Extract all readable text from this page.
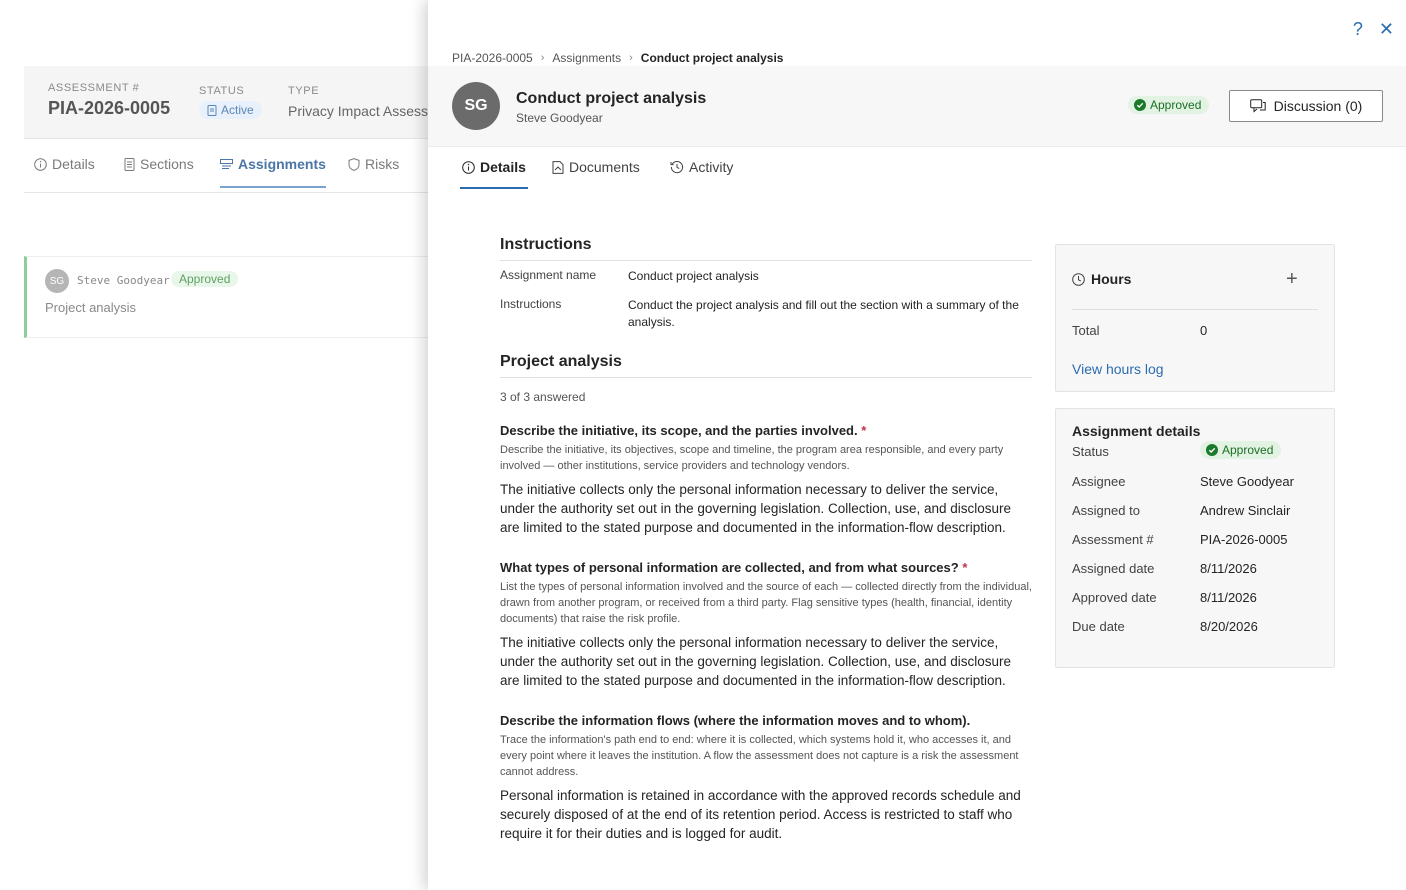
ASSESSMENT #
PIA-2026-0005
STATUS
Active
TYPE
Privacy Impact Assess
Details	Sections	Assignments	Risks
SG	Steve Goodyear Approved
Project analysis
? ✕
PIA-2026-0005 › Assignments › Conduct project analysis
SG	Conduct project analysis
Steve Goodyear
Approved	Discussion (0)
Details	Documents	Activity
Instructions
Assignment name	Conduct project analysis
Instructions	Conduct the project analysis and fill out the section with a summary of the analysis.
Project analysis
3 of 3 answered
Describe the initiative, its scope, and the parties involved. *
Describe the initiative, its objectives, scope and timeline, the program area responsible, and every party involved — other institutions, service providers and technology vendors.
The initiative collects only the personal information necessary to deliver the service, under the authority set out in the governing legislation. Collection, use, and disclosure are limited to the stated purpose and documented in the information-flow description.
What types of personal information are collected, and from what sources? *
List the types of personal information involved and the source of each — collected directly from the individual, drawn from another program, or received from a third party. Flag sensitive types (health, financial, identity documents) that raise the risk profile.
The initiative collects only the personal information necessary to deliver the service, under the authority set out in the governing legislation. Collection, use, and disclosure are limited to the stated purpose and documented in the information-flow description.
Describe the information flows (where the information moves and to whom).
Trace the information's path end to end: where it is collected, which systems hold it, who accesses it, and every point where it leaves the institution. A flow the assessment does not capture is a risk the assessment cannot address.
Personal information is retained in accordance with the approved records schedule and securely disposed of at the end of its retention period. Access is restricted to staff who require it for their duties and is logged for audit.
Hours	+
Total	0
View hours log
Assignment details
Status	Approved
Assignee	Steve Goodyear
Assigned to	Andrew Sinclair
Assessment #	PIA-2026-0005
Assigned date	8/11/2026
Approved date	8/11/2026
Due date	8/20/2026
